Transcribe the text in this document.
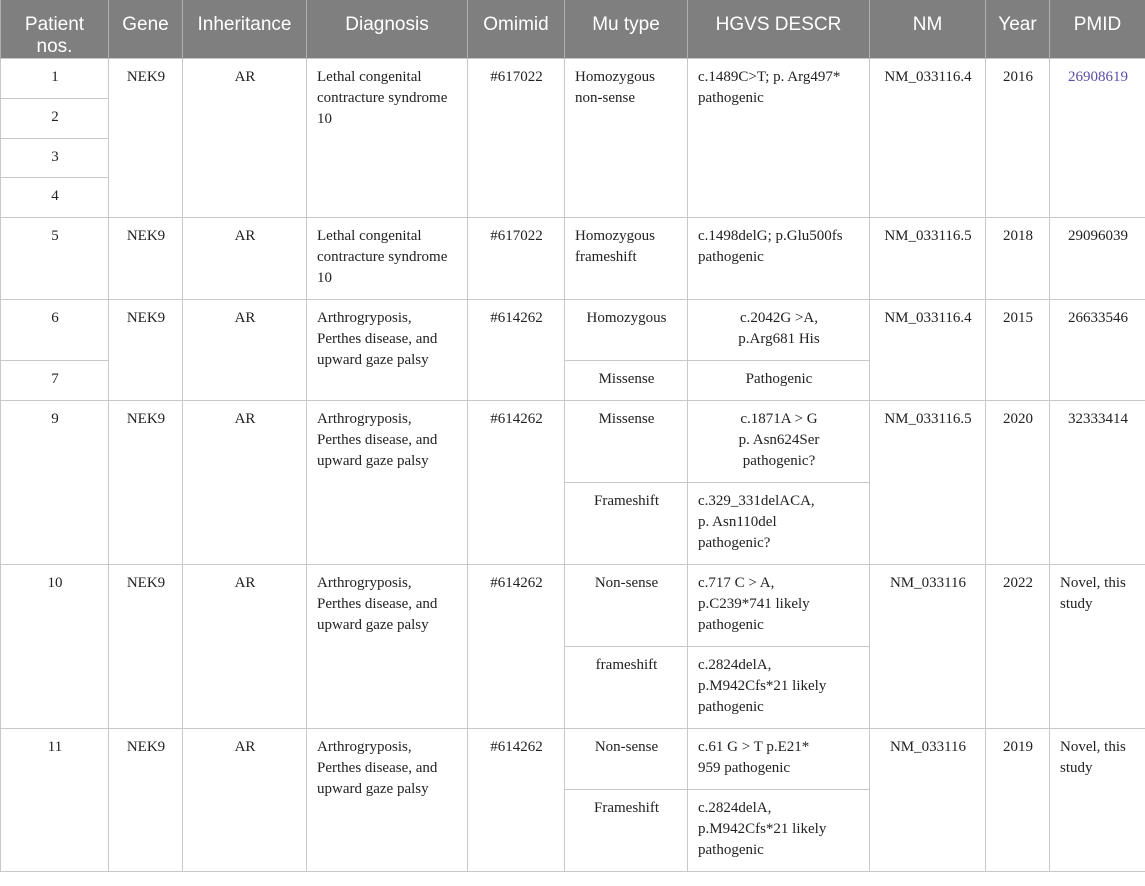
Patient
nos.	Gene	Inheritance	Diagnosis	Omimid	Mu type	HGVS DESCR	NM	Year	PMID
1	NEK9	AR	Lethal congenital contracture syndrome 10	#617022	Homozygous non-sense	c.1489C>T; p. Arg497* pathogenic	NM_033116.4	2016	26908619
2									
3									
4									
5	NEK9	AR	Lethal congenital contracture syndrome 10	#617022	Homozygous frameshift	c.1498delG; p.Glu500fs pathogenic	NM_033116.5	2018	29096039
6	NEK9	AR	Arthrogryposis, Perthes disease, and upward gaze palsy	#614262	Homozygous	c.2042G >A,
p.Arg681 His	NM_033116.4	2015	26633546
7					Missense	Pathogenic			
9	NEK9	AR	Arthrogryposis, Perthes disease, and upward gaze palsy	#614262	Missense	c.1871A > G
p. Asn624Ser
pathogenic?	NM_033116.5	2020	32333414
					Frameshift	c.329_331delACA,
p. Asn110del
pathogenic?			
10	NEK9	AR	Arthrogryposis, Perthes disease, and upward gaze palsy	#614262	Non-sense	c.717 C > A,
p.C239*741 likely
pathogenic	NM_033116	2022	Novel, this study
					frameshift	c.2824delA,
p.M942Cfs*21 likely
pathogenic			
11	NEK9	AR	Arthrogryposis, Perthes disease, and upward gaze palsy	#614262	Non-sense	c.61 G > T p.E21*
959 pathogenic	NM_033116	2019	Novel, this study
					Frameshift	c.2824delA,
p.M942Cfs*21 likely
pathogenic			
